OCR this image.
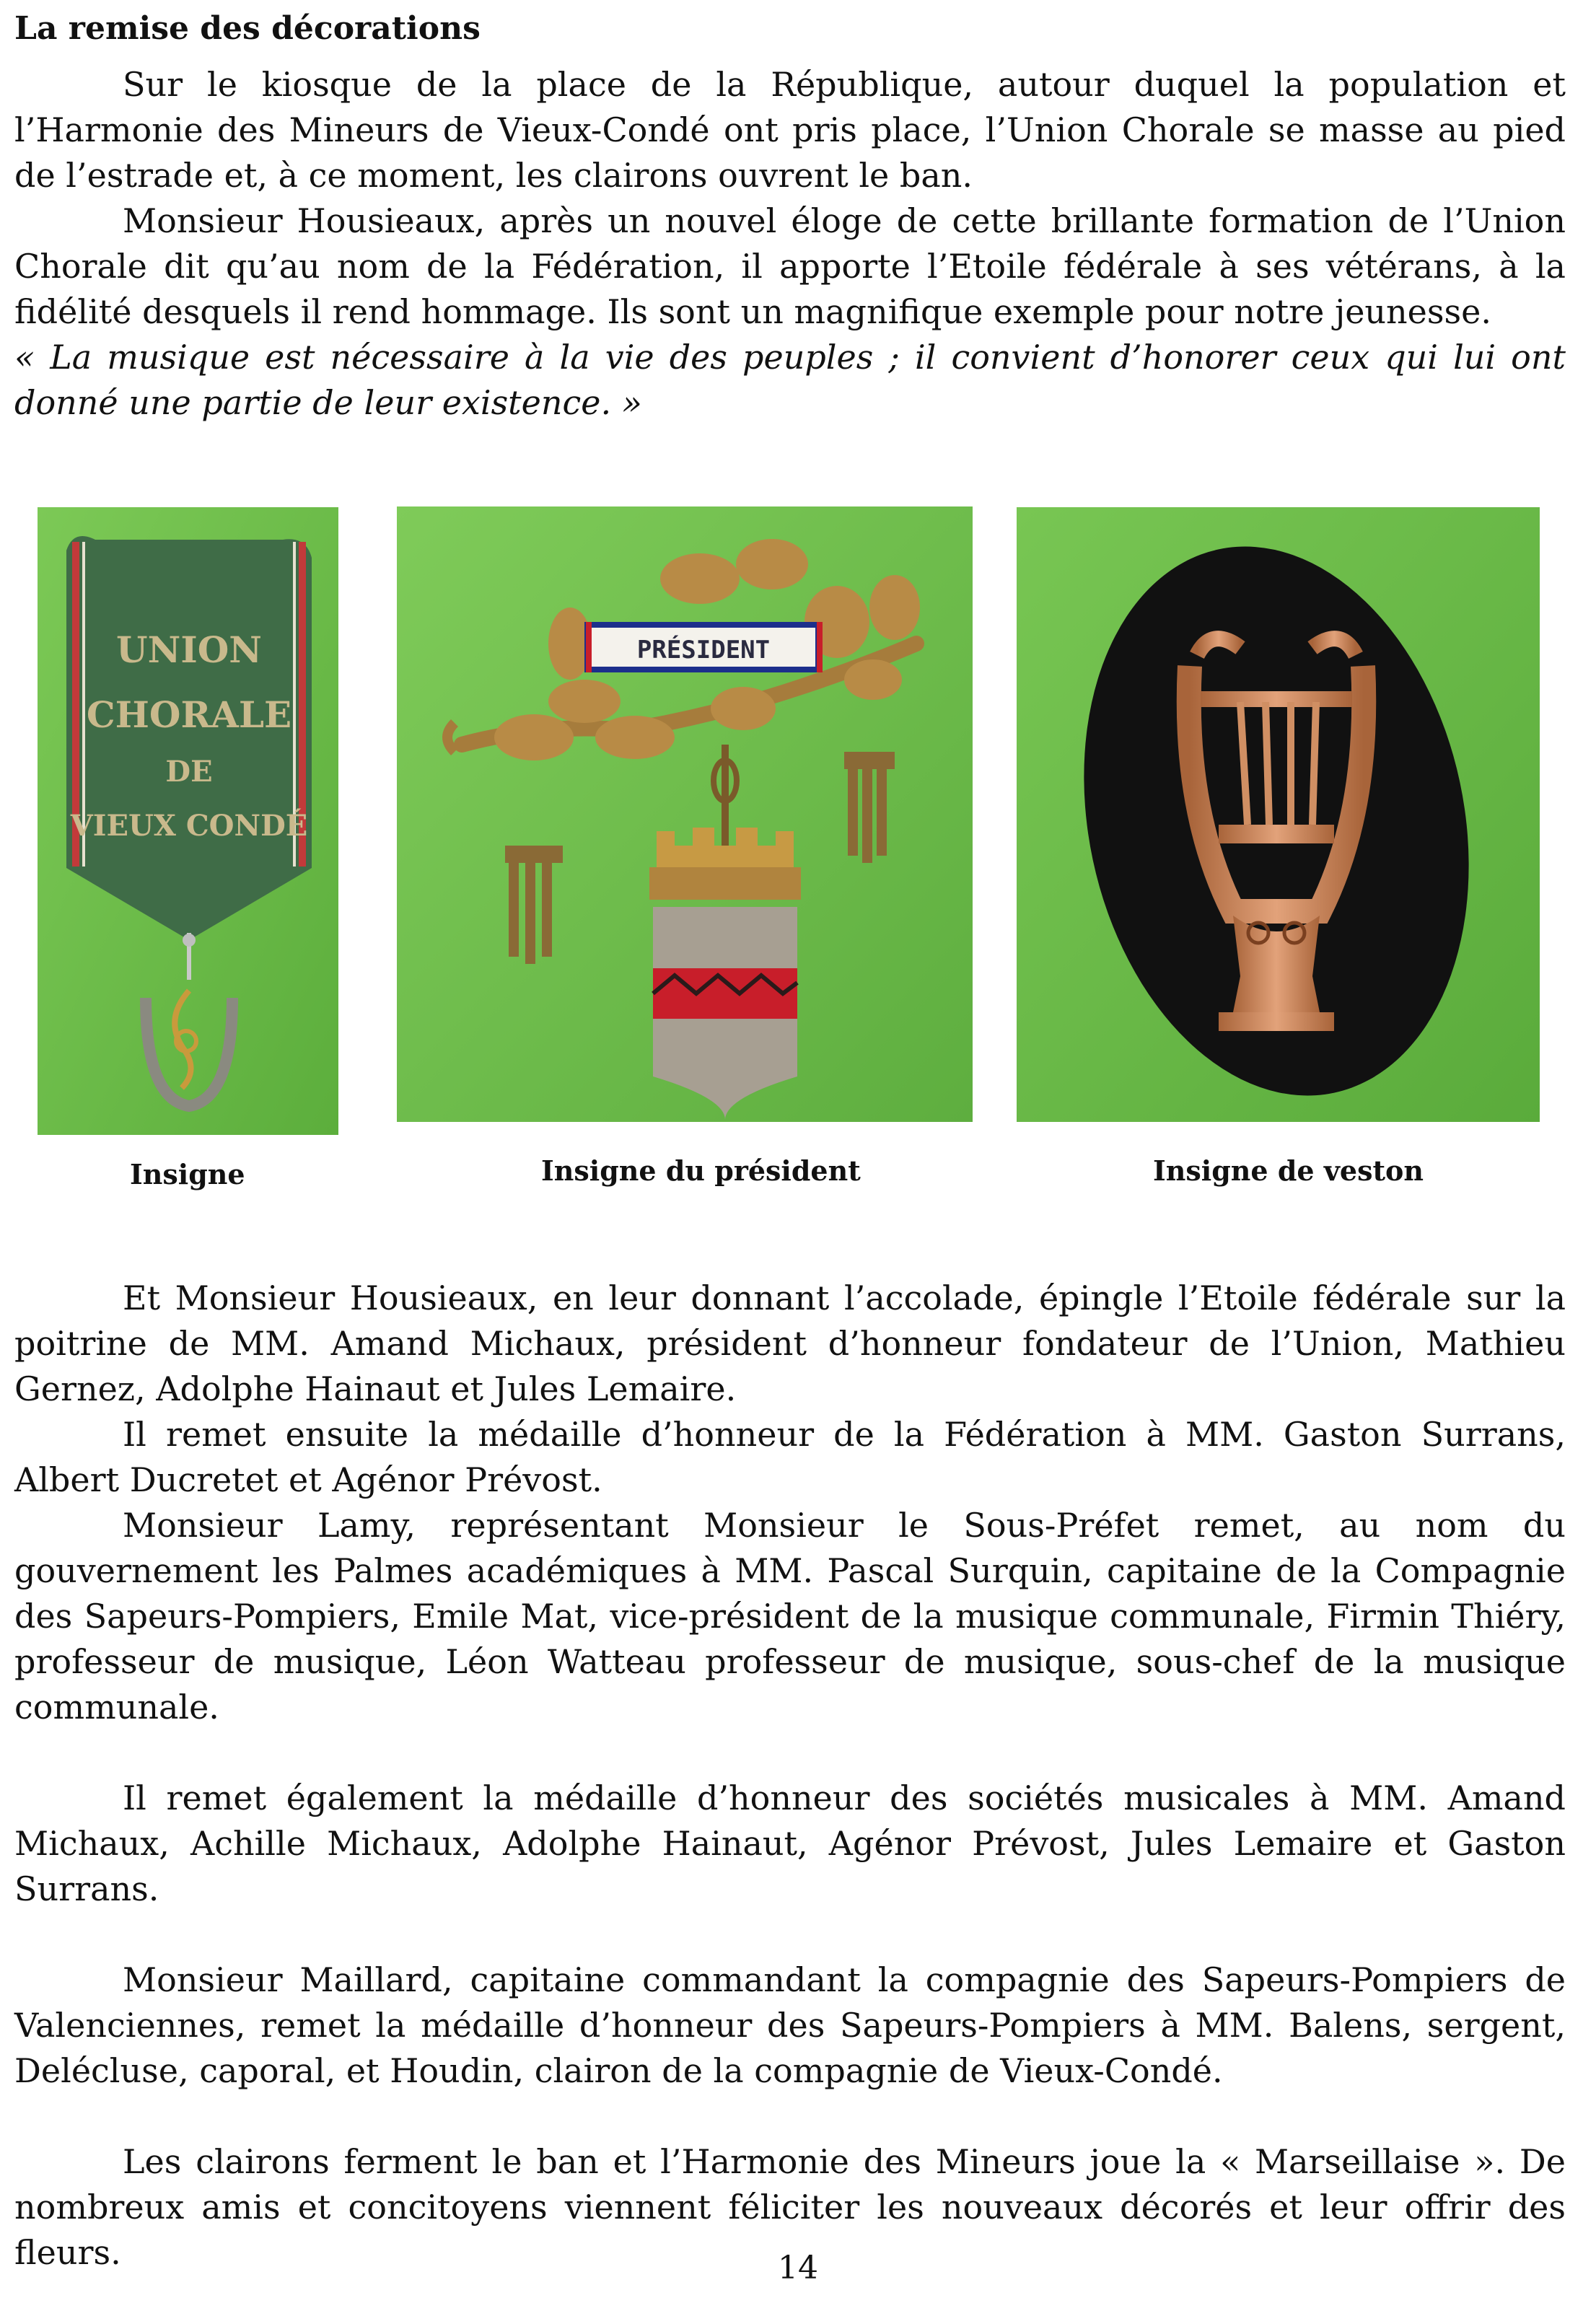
La remise des décorations

Sur le kiosque de la place de la République, autour duquel la population et l’Harmonie des Mineurs de Vieux-Condé ont pris place, l’Union Chorale se masse au pied de l’estrade et, à ce moment, les clairons ouvrent le ban.

Monsieur Housieaux, après un nouvel éloge de cette brillante formation de l’Union Chorale dit qu’au nom de la Fédération, il apporte l’Etoile fédérale à ses vétérans, à la fidélité desquels il rend hommage. Ils sont un magnifique exemple pour notre jeunesse.

« La musique est nécessaire à la vie des peuples ; il convient d’honorer ceux qui lui ont donné une partie de leur existence. »

UNION
CHORALE
DE
VIEUX CONDÉ
PRÉSIDENT
Insigne	Insigne du président	Insigne de veston

Et Monsieur Housieaux, en leur donnant l’accolade, épingle l’Etoile fédérale sur la poitrine de MM. Amand Michaux, président d’honneur fondateur de l’Union, Mathieu Gernez, Adolphe Hainaut et Jules Lemaire.

Il remet ensuite la médaille d’honneur de la Fédération à MM. Gaston Surrans, Albert Ducretet et Agénor Prévost.

Monsieur Lamy, représentant Monsieur le Sous-Préfet remet, au nom du gouvernement les Palmes académiques à MM. Pascal Surquin, capitaine de la Compagnie des Sapeurs-Pompiers, Emile Mat, vice-président de la musique communale, Firmin Thiéry, professeur de musique, Léon Watteau professeur de musique, sous-chef de la musique communale.

Il remet également la médaille d’honneur des sociétés musicales à MM. Amand Michaux, Achille Michaux, Adolphe Hainaut, Agénor Prévost, Jules Lemaire et Gaston Surrans.

Monsieur Maillard, capitaine commandant la compagnie des Sapeurs-Pompiers de Valenciennes, remet la médaille d’honneur des Sapeurs-Pompiers à MM. Balens, sergent, Delécluse, caporal, et Houdin, clairon de la compagnie de Vieux-Condé.

Les clairons ferment le ban et l’Harmonie des Mineurs joue la « Marseillaise ». De nombreux amis et concitoyens viennent féliciter les nouveaux décorés et leur offrir des fleurs.	14
